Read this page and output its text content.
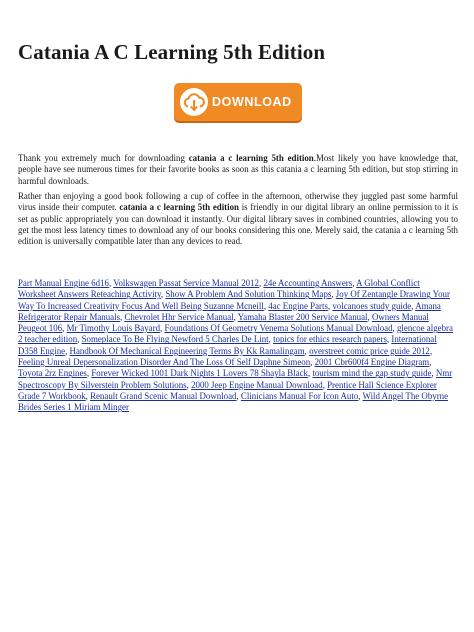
Catania A C Learning 5th Edition
DOWNLOAD

Thank you extremely much for downloading catania a c learning 5th edition.Most likely you have knowledge that, people have see numerous times for their favorite books as soon as this catania a c learning 5th edition, but stop stirring in harmful downloads.

Rather than enjoying a good book following a cup of coffee in the afternoon, otherwise they juggled past some harmful virus inside their computer. catania a c learning 5th edition is friendly in our digital library an online permission to it is set as public appropriately you can download it instantly. Our digital library saves in combined countries, allowing you to get the most less latency times to download any of our books considering this one. Merely said, the catania a c learning 5th edition is universally compatible later than any devices to read.

Part Manual Engine 6d16, Volkswagen Passat Service Manual 2012, 24e Accounting Answers, A Global Conflict Worksheet Answers Reteaching Activity, Show A Problem And Solution Thinking Maps, Joy Of Zentangle Drawing Your Way To Increased Creativity Focus And Well Being Suzanne Mcneill, 4ac Engine Parts, volcanoes study guide, Amana Refrigerator Repair Manuals, Chevrolet Hhr Service Manual, Yamaha Blaster 200 Service Manual, Owners Manual Peugeot 106, Mr Timothy Louis Bayard, Foundations Of Geometry Venema Solutions Manual Download, glencoe algebra 2 teacher edition, Someplace To Be Flying Newford 5 Charles De Lint, topics for ethics research papers, International D358 Engine, Handbook Of Mechanical Engineering Terms By Kk Ramalingam, overstreet comic price guide 2012, Feeling Unreal Depersonalization Disorder And The Loss Of Self Daphne Simeon, 2001 Cbr600f4 Engine Diagram, Toyota 2rz Engines, Forever Wicked 1001 Dark Nights 1 Lovers 78 Shayla Black, tourism mind the gap study guide, Nmr Spectroscopy By Silverstein Problem Solutions, 2000 Jeep Engine Manual Download, Prentice Hall Science Explorer Grade 7 Workbook, Renault Grand Scenic Manual Download, Clinicians Manual For Icon Auto, Wild Angel The Obyrne Brides Series 1 Miriam Minger
